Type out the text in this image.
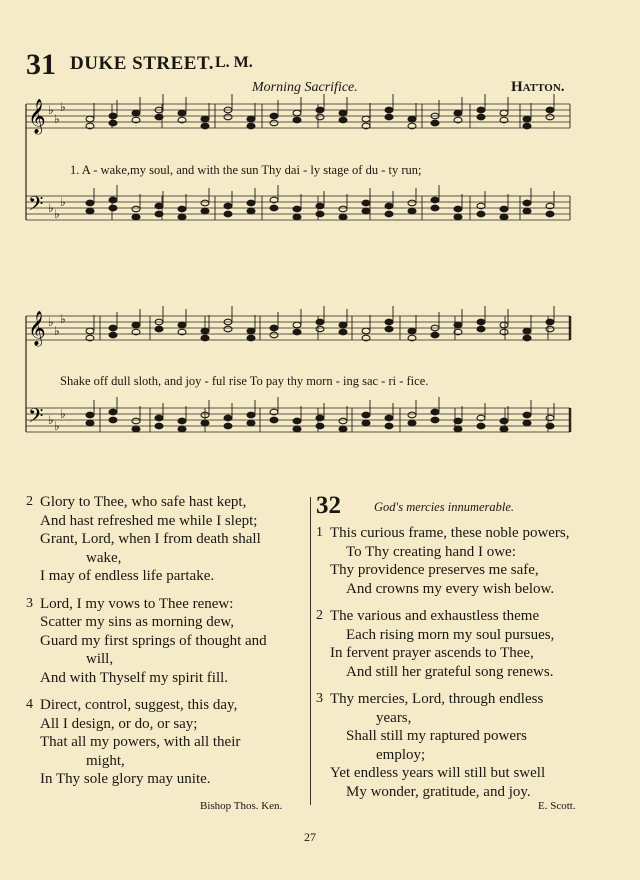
31 DUKE STREET. L. M.
Morning Sacrifice.	Hatton.
𝄞
𝄢
♭
♭
♭
♭ ♭
♭
𝄞
𝄢
♭
♭
♭
♭ ♭
♭
1. A - wake,my soul, and with the sun Thy dai - ly stage of du - ty run;
Shake off dull sloth, and joy - ful rise To pay thy morn - ing sac - ri - fice.
2 Glory to Thee, who safe hast kept,
And hast refreshed me while I slept;
Grant, Lord, when I from death shall
wake,
I may of endless life partake.
3 Lord, I my vows to Thee renew:
Scatter my sins as morning dew,
Guard my first springs of thought and
will,
And with Thyself my spirit fill.
4 Direct, control, suggest, this day,
All I design, or do, or say;
That all my powers, with all their
might,
In Thy sole glory may unite.
Bishop Thos. Ken.
32	God's mercies innumerable.
1 This curious frame, these noble powers,
To Thy creating hand I owe:
Thy providence preserves me safe,
And crowns my every wish below.
2 The various and exhaustless theme
Each rising morn my soul pursues,
In fervent prayer ascends to Thee,
And still her grateful song renews.
3 Thy mercies, Lord, through endless
years,
Shall still my raptured powers
employ;
Yet endless years will still but swell
My wonder, gratitude, and joy.
E. Scott.
27
